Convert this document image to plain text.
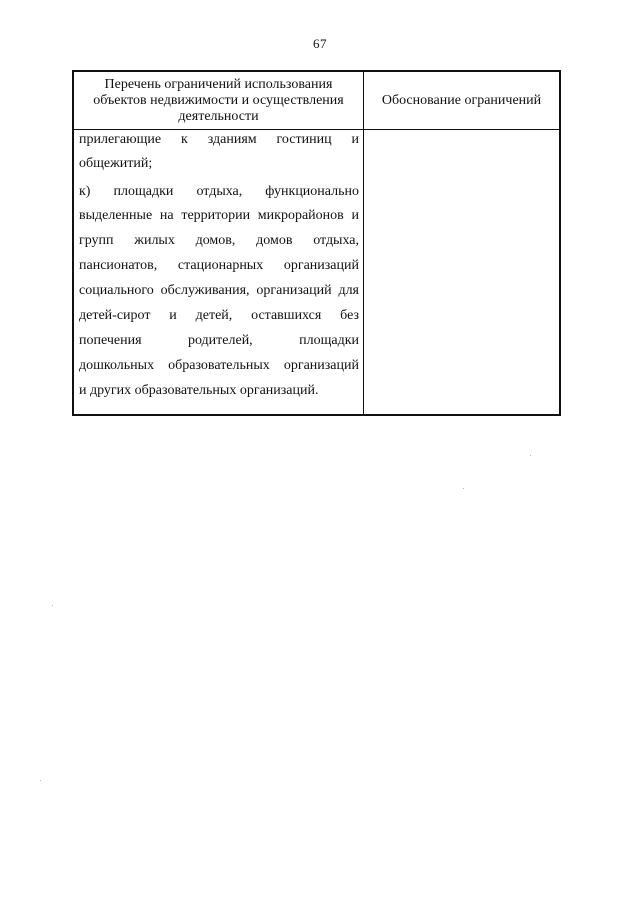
67
Перечень ограничений использования объектов недвижимости и осуществления деятельности
Обоснование ограничений
прилегающие к зданиям гостиниц и
общежитий;
к) площадки отдыха, функционально
выделенные на территории микрорайонов и
групп жилых домов, домов отдыха,
пансионатов, стационарных организаций
социального обслуживания, организаций для
детей-сирот и детей, оставшихся без
попечения родителей, площадки
дошкольных образовательных организаций
и других образовательных организаций.
